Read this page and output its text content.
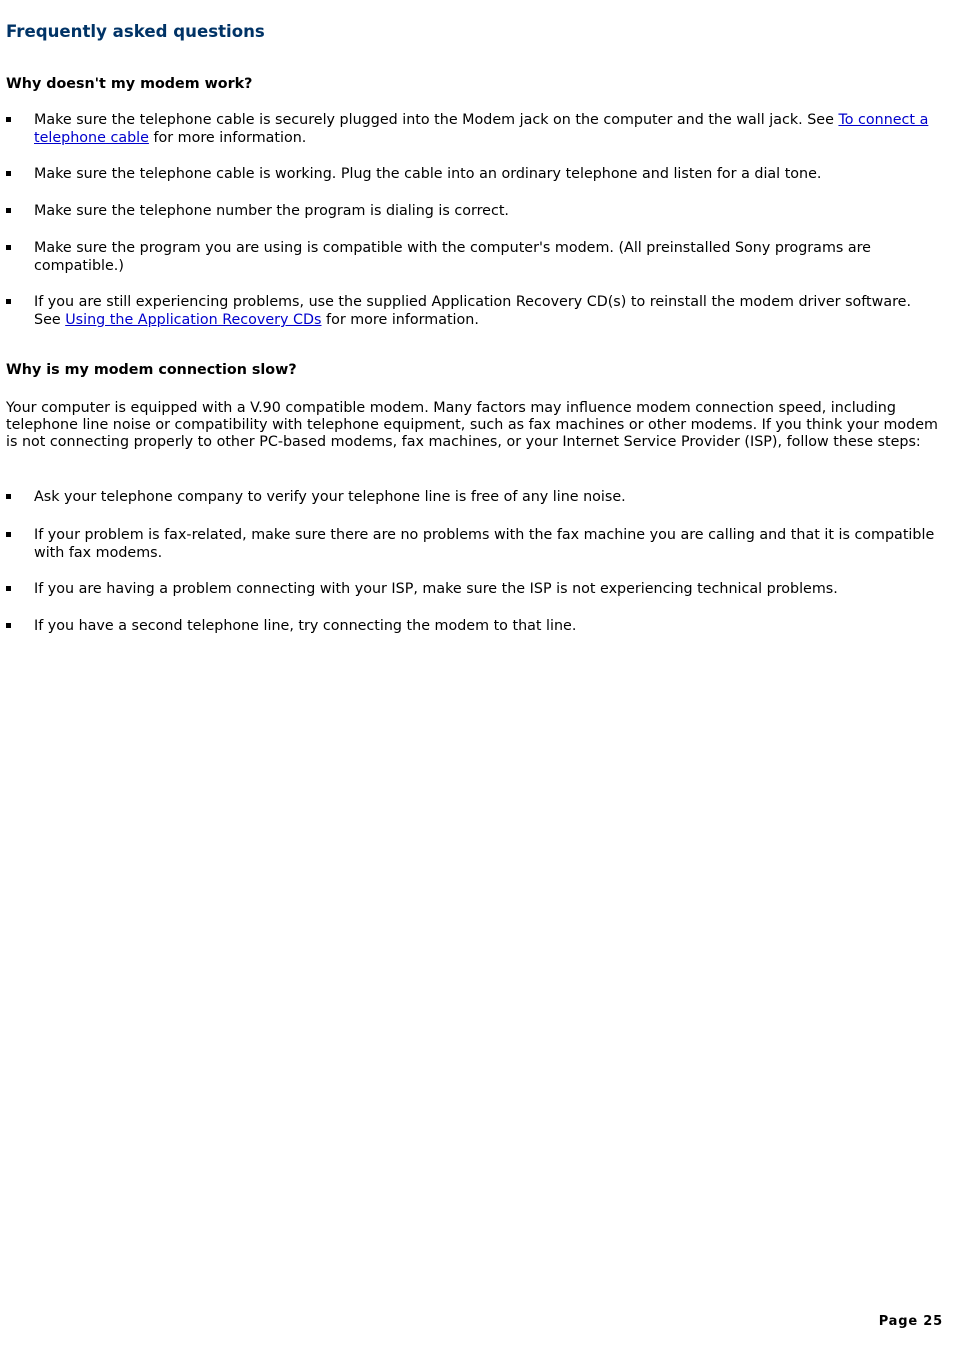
Frequently asked questions
Why doesn't my modem work?
Make sure the telephone cable is securely plugged into the Modem jack on the computer and the wall jack. See To connect a telephone cable for more information.
Make sure the telephone cable is working. Plug the cable into an ordinary telephone and listen for a dial tone.
Make sure the telephone number the program is dialing is correct.
Make sure the program you are using is compatible with the computer's modem. (All preinstalled Sony programs are compatible.)
If you are still experiencing problems, use the supplied Application Recovery CD(s) to reinstall the modem driver software. See Using the Application Recovery CDs for more information.
Why is my modem connection slow?

Your computer is equipped with a V.90 compatible modem. Many factors may influence modem connection speed, including telephone line noise or compatibility with telephone equipment, such as fax machines or other modems. If you think your modem is not connecting properly to other PC-based modems, fax machines, or your Internet Service Provider (ISP), follow these steps:

Ask your telephone company to verify your telephone line is free of any line noise.
If your problem is fax-related, make sure there are no problems with the fax machine you are calling and that it is compatible with fax modems.
If you are having a problem connecting with your ISP, make sure the ISP is not experiencing technical problems.
If you have a second telephone line, try connecting the modem to that line.
Page 25
